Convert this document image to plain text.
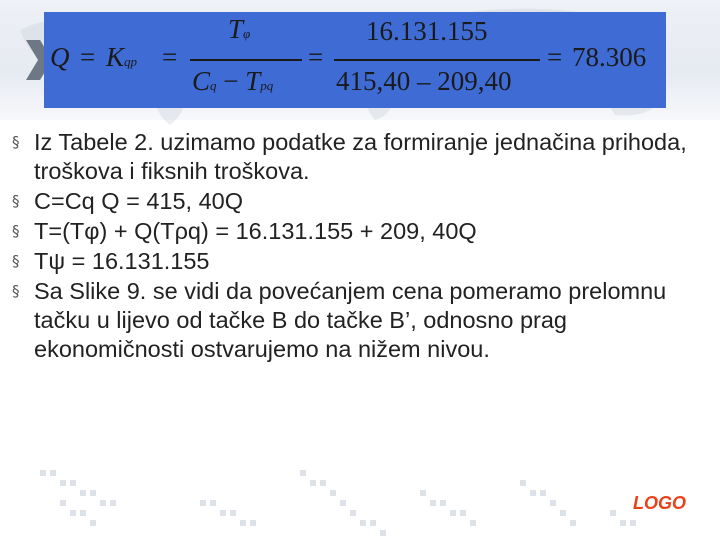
Q = Kqp =
Tφ
Cq − Tpq
=
16.131.155
415,40 – 209,40
= 78.306
§ Iz Tabele 2. uzimamo podatke za formiranje jednačina prihoda, troškova i fiksnih troškova.
§ C=Cq Q = 415, 40Q
§ T=(Tφ) + Q(Tρq) = 16.131.155 + 209, 40Q
§ Tψ = 16.131.155
§ Sa Slike 9. se vidi da povećanjem cena pomeramo prelomnu tačku u lijevo od tačke B do tačke B’, odnosno prag ekonomičnosti ostvarujemo na nižem nivou.
LOGO
